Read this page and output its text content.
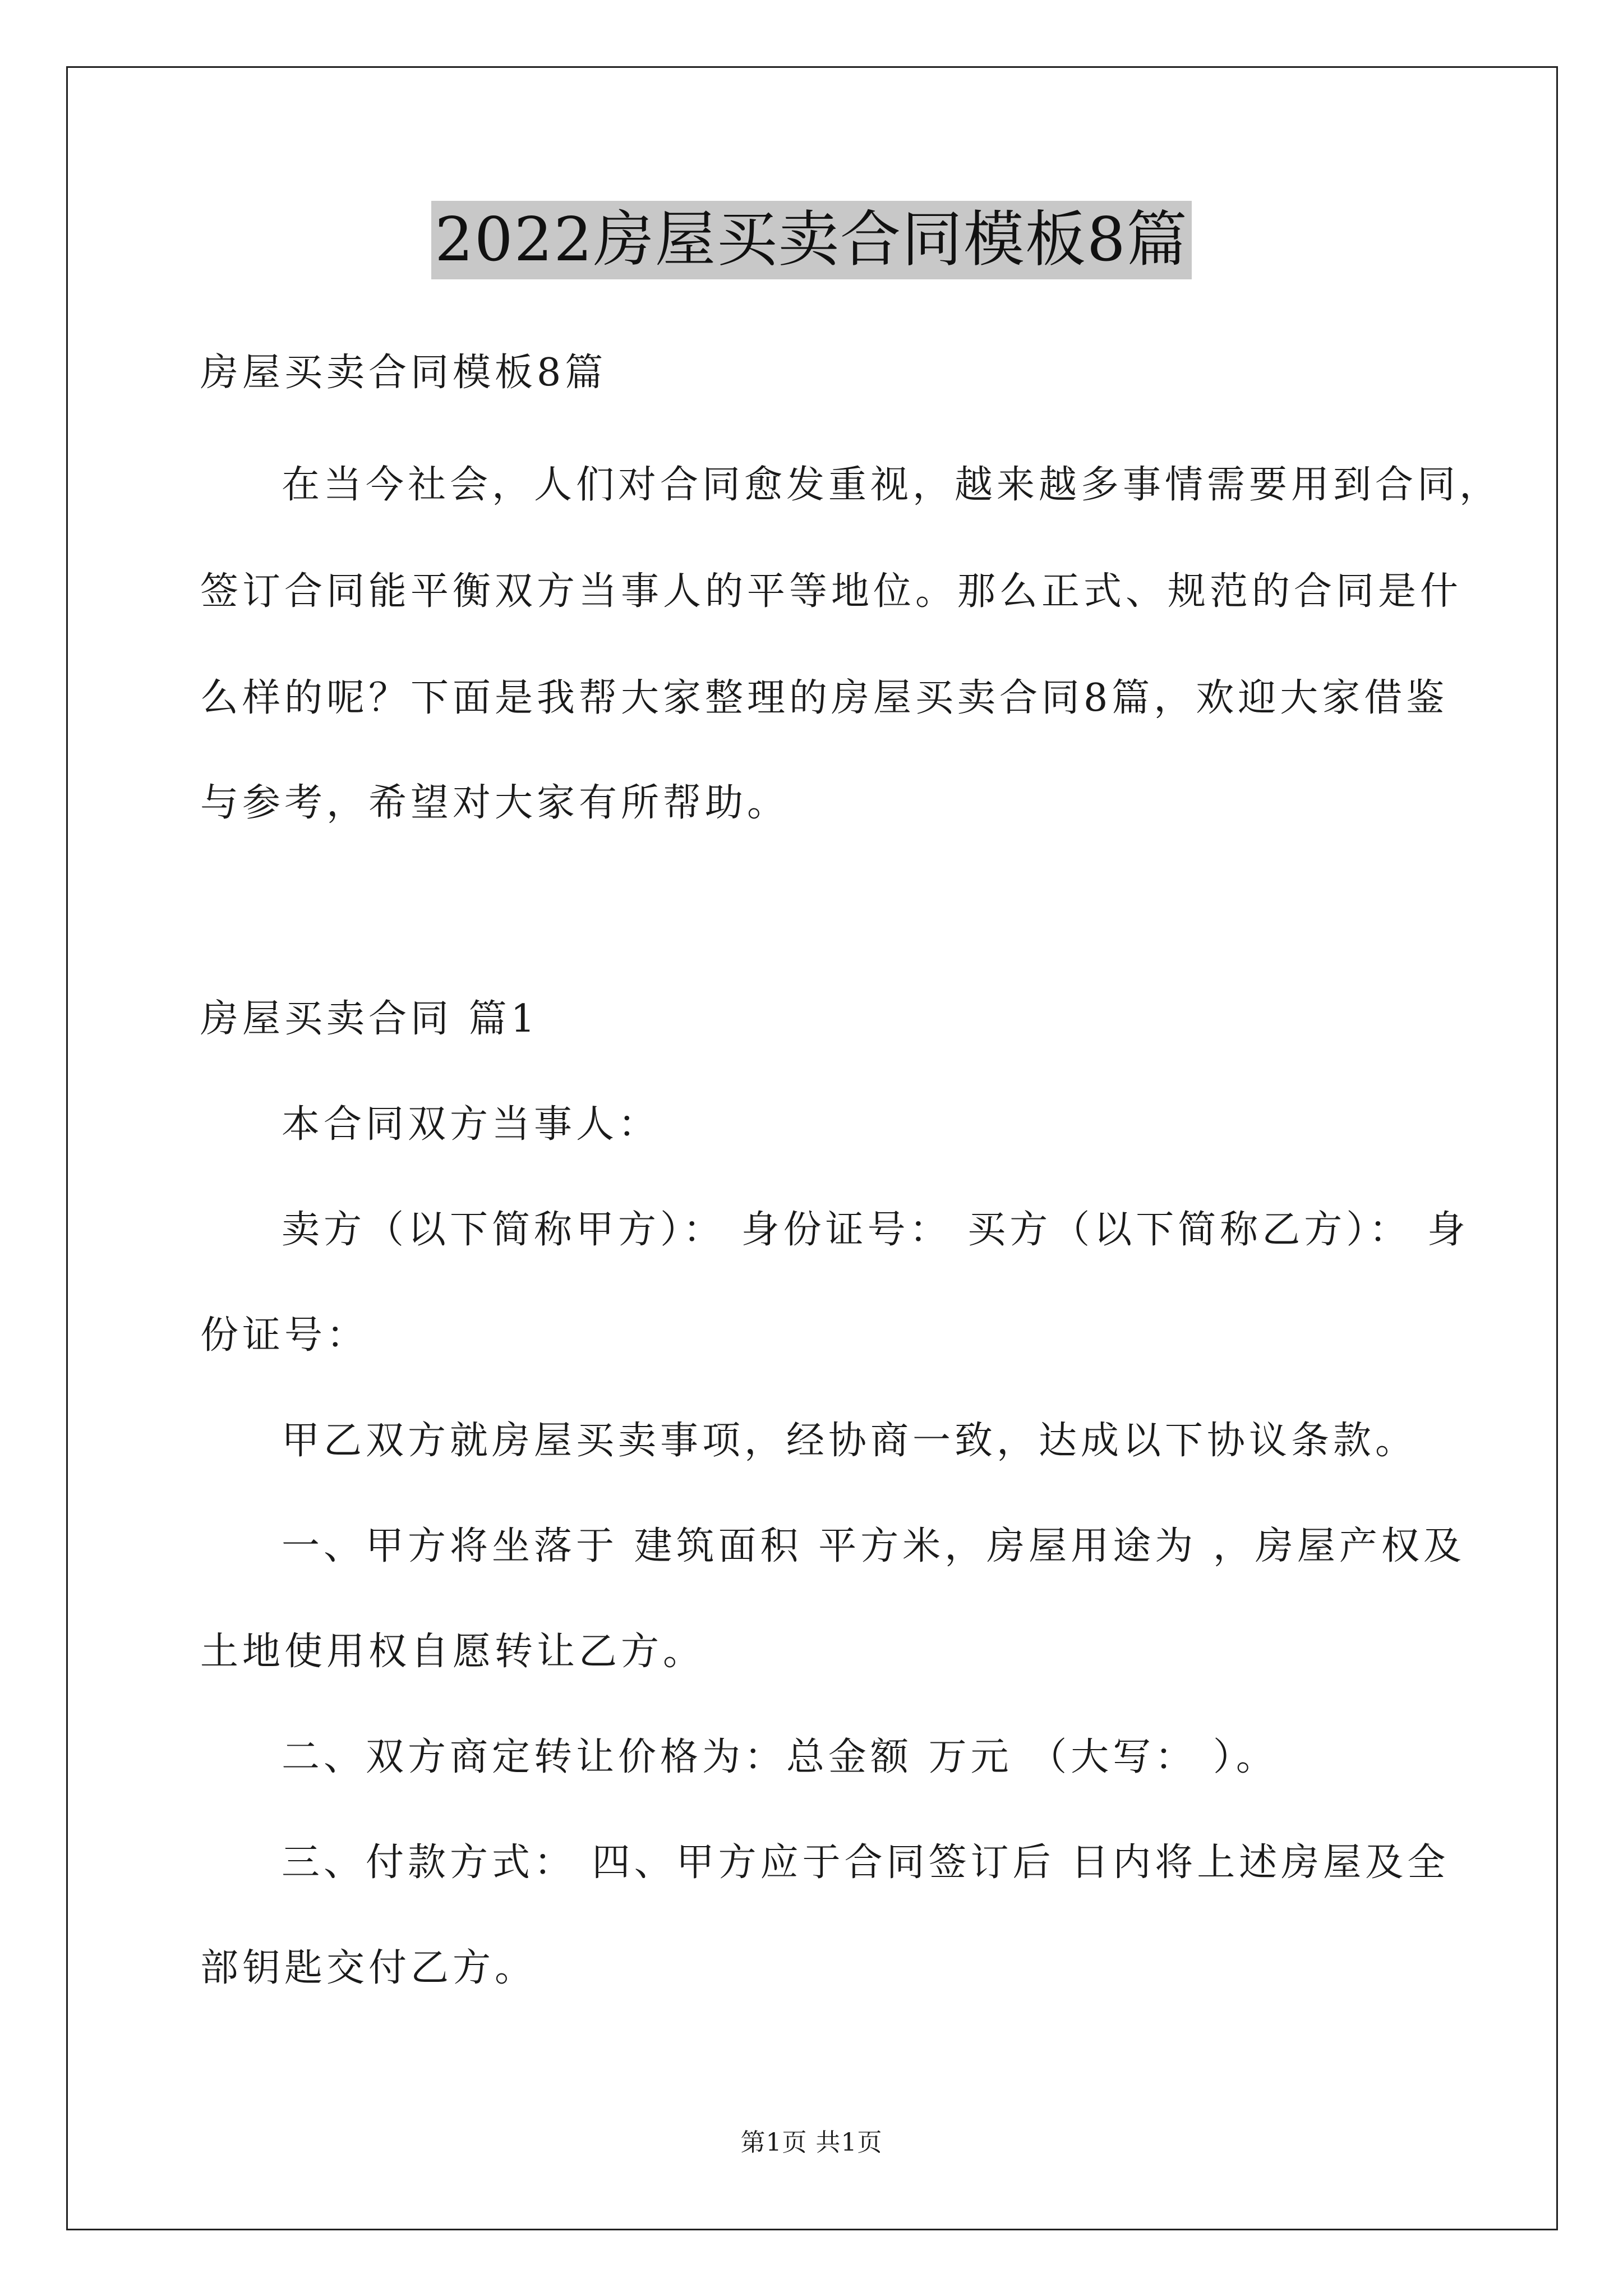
2022房屋买卖合同模板8篇
房屋买卖合同模板8篇
在当今社会，人们对合同愈发重视，越来越多事情需要用到合同，
签订合同能平衡双方当事人的平等地位。那么正式、规范的合同是什
么样的呢？下面是我帮大家整理的房屋买卖合同8篇，欢迎大家借鉴
与参考，希望对大家有所帮助。
房屋买卖合同 篇1
本合同双方当事人：
卖方（以下简称甲方）： 身份证号： 买方（以下简称乙方）： 身
份证号：
甲乙双方就房屋买卖事项，经协商一致，达成以下协议条款。
一、甲方将坐落于 建筑面积 平方米，房屋用途为 ，房屋产权及
土地使用权自愿转让乙方。
二、双方商定转让价格为：总金额 万元 （大写： ）。
三、付款方式： 四、甲方应于合同签订后 日内将上述房屋及全
部钥匙交付乙方。
第1页 共1页
